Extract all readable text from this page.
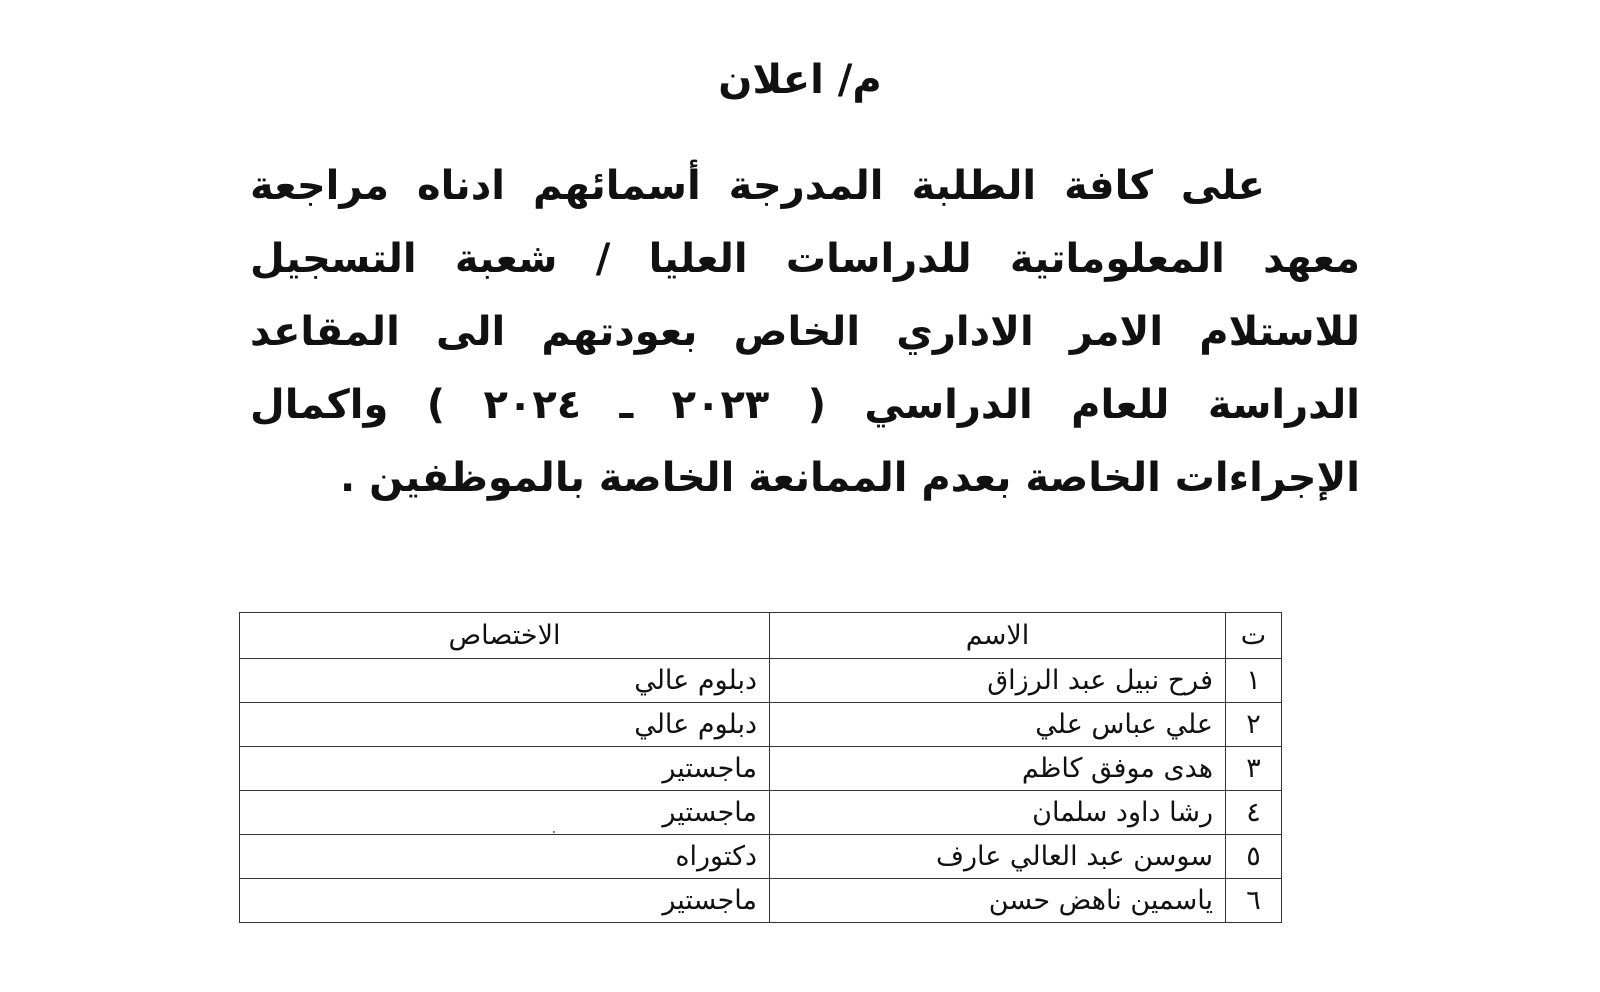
م/ اعلان

على كافة الطلبة المدرجة أسمائهم ادناه مراجعة معهد المعلوماتية للدراسات العليا / شعبة التسجيل للاستلام الامر الاداري الخاص بعودتهم الى المقاعد الدراسة للعام الدراسي ( ٢٠٢٣ ـ ٢٠٢٤ ) واكمال الإجراءات الخاصة بعدم الممانعة الخاصة بالموظفين .

ت	الاسم	الاختصاص
١	فرح نبيل عبد الرزاق	دبلوم عالي
٢	علي عباس علي	دبلوم عالي
٣	هدى موفق كاظم	ماجستير
٤	رشا داود سلمان	ماجستير
٥	سوسن عبد العالي عارف	دكتوراه
٦	ياسمين ناهض حسن	ماجستير
